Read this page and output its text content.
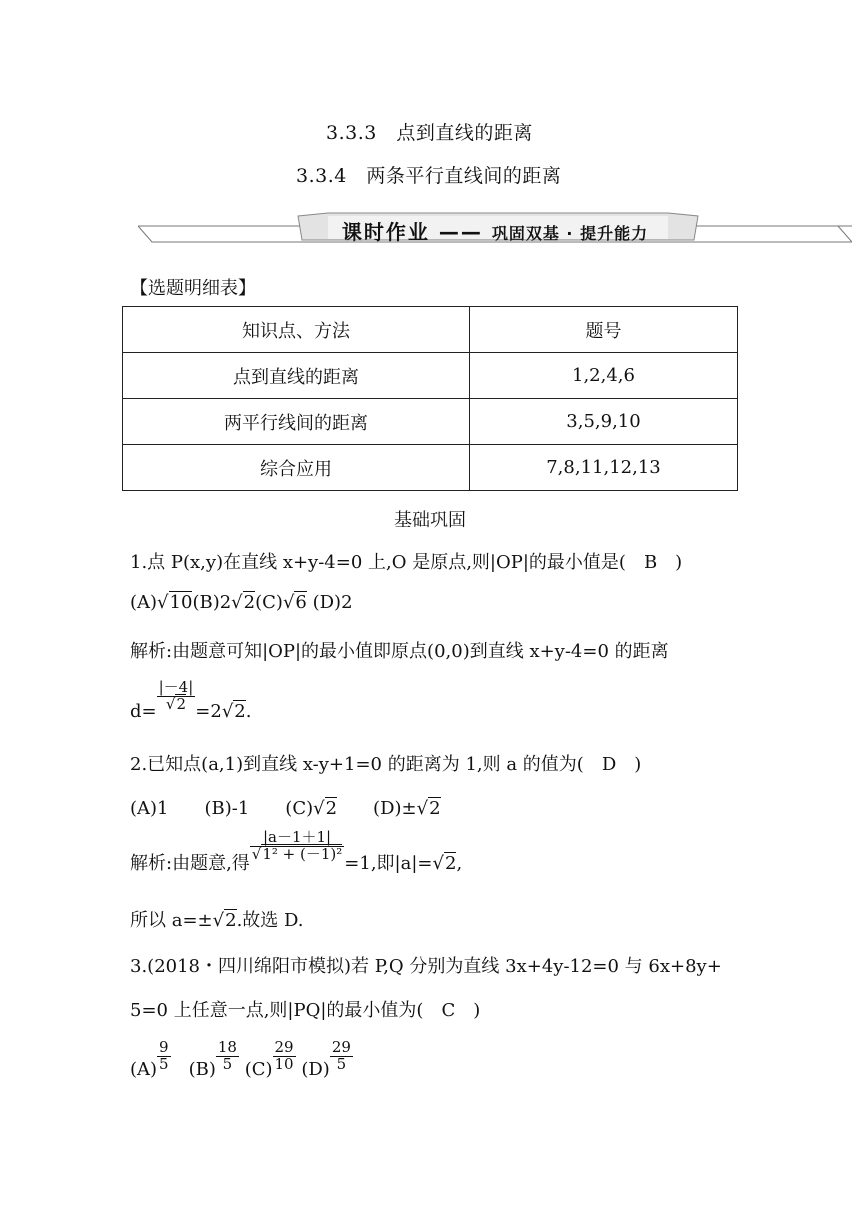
3.3.3　点到直线的距离
3.3.4　两条平行直线间的距离
课时作业 —— 巩固双基 · 提升能力
【选题明细表】
知识点、方法	题号
点到直线的距离	1,2,4,6
两平行线间的距离	3,5,9,10
综合应用	7,8,11,12,13
基础巩固
1.点 P(x,y)在直线 x+y-4=0 上,O 是原点,则|OP|的最小值是(　B　)
(A)√10(B)2√2(C)√6 (D)2
解析:由题意可知|OP|的最小值即原点(0,0)到直线 x+y-4=0 的距离
$d= \frac{|-4|}{√2} =2√2$.
2.已知点(a,1)到直线 x-y+1=0 的距离为 1,则 a 的值为(　D　)
(A)1　　(B)-1　　(C)√2　　(D)±√2
解析:由题意,得
$\frac{|a-1+1|}{\text{√1² + (－1)²}}$
=1,即|a|=√2,
所以 a=±√2.故选 D.
3.(2018・四川绵阳市模拟)若 P,Q 分别为直线 3x+4y-12=0 与 6x+8y+
5=0 上任意一点,则|PQ|的最小值为(　C　)
$(A) \frac{9}{5}$ 　$(B) \frac{18}{5} (C) \frac{29}{10} (D) \frac{29}{5}$
